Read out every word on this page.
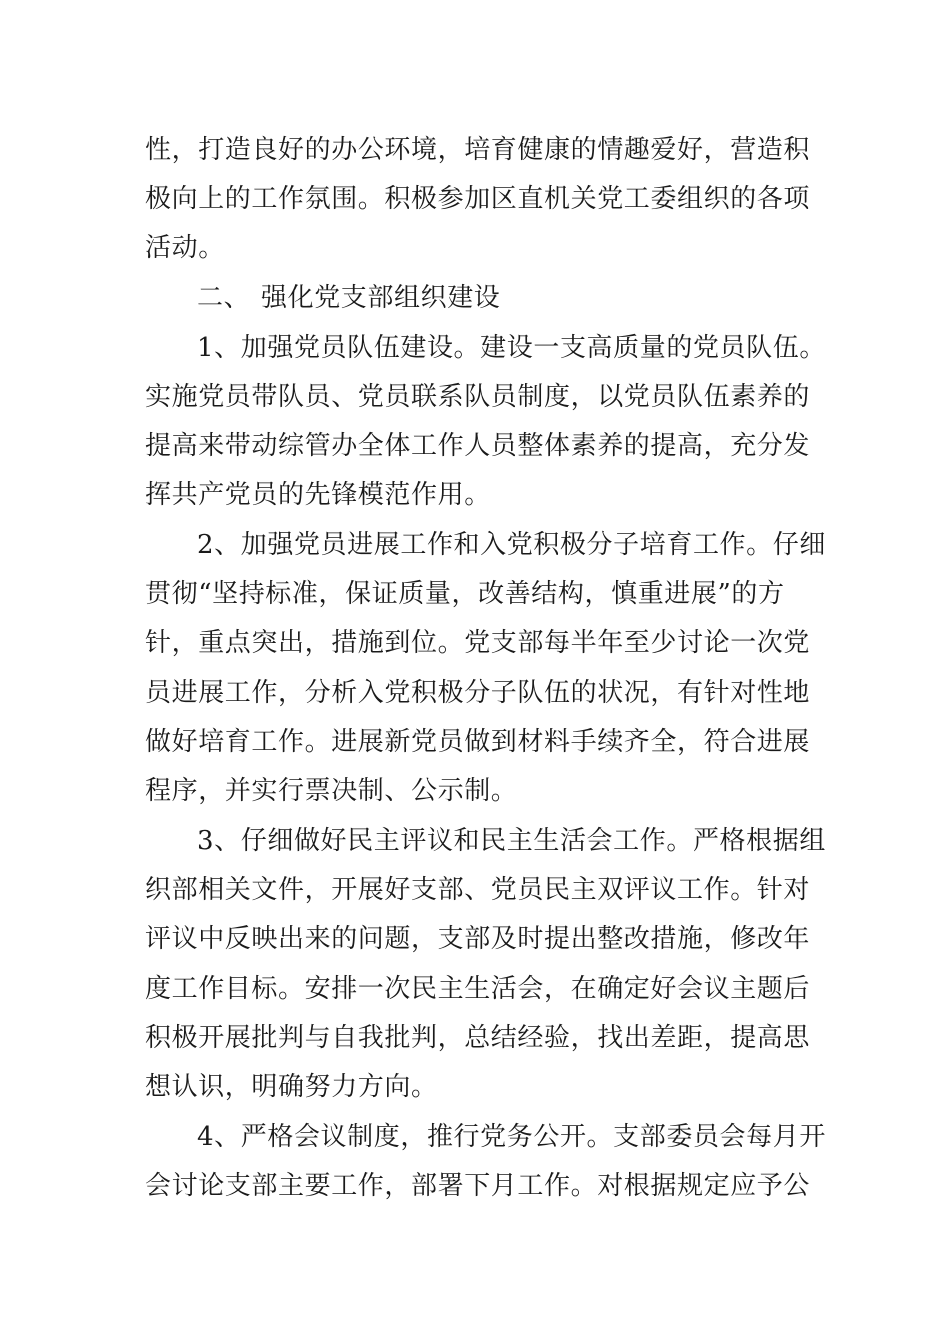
性，打造良好的办公环境，培育健康的情趣爱好，营造积
极向上的工作氛围。积极参加区直机关党工委组织的各项
活动。
二、 强化党支部组织建设
1、加强党员队伍建设。建设一支高质量的党员队伍。
实施党员带队员、党员联系队员制度，以党员队伍素养的
提高来带动综管办全体工作人员整体素养的提高，充分发
挥共产党员的先锋模范作用。
2、加强党员进展工作和入党积极分子培育工作。仔细
贯彻“坚持标准，保证质量，改善结构，慎重进展”的方
针，重点突出，措施到位。党支部每半年至少讨论一次党
员进展工作，分析入党积极分子队伍的状况，有针对性地
做好培育工作。进展新党员做到材料手续齐全，符合进展
程序，并实行票决制、公示制。
3、仔细做好民主评议和民主生活会工作。严格根据组
织部相关文件，开展好支部、党员民主双评议工作。针对
评议中反映出来的问题，支部及时提出整改措施，修改年
度工作目标。安排一次民主生活会，在确定好会议主题后
积极开展批判与自我批判，总结经验，找出差距，提高思
想认识，明确努力方向。
4、严格会议制度，推行党务公开。支部委员会每月开
会讨论支部主要工作，部署下月工作。对根据规定应予公
